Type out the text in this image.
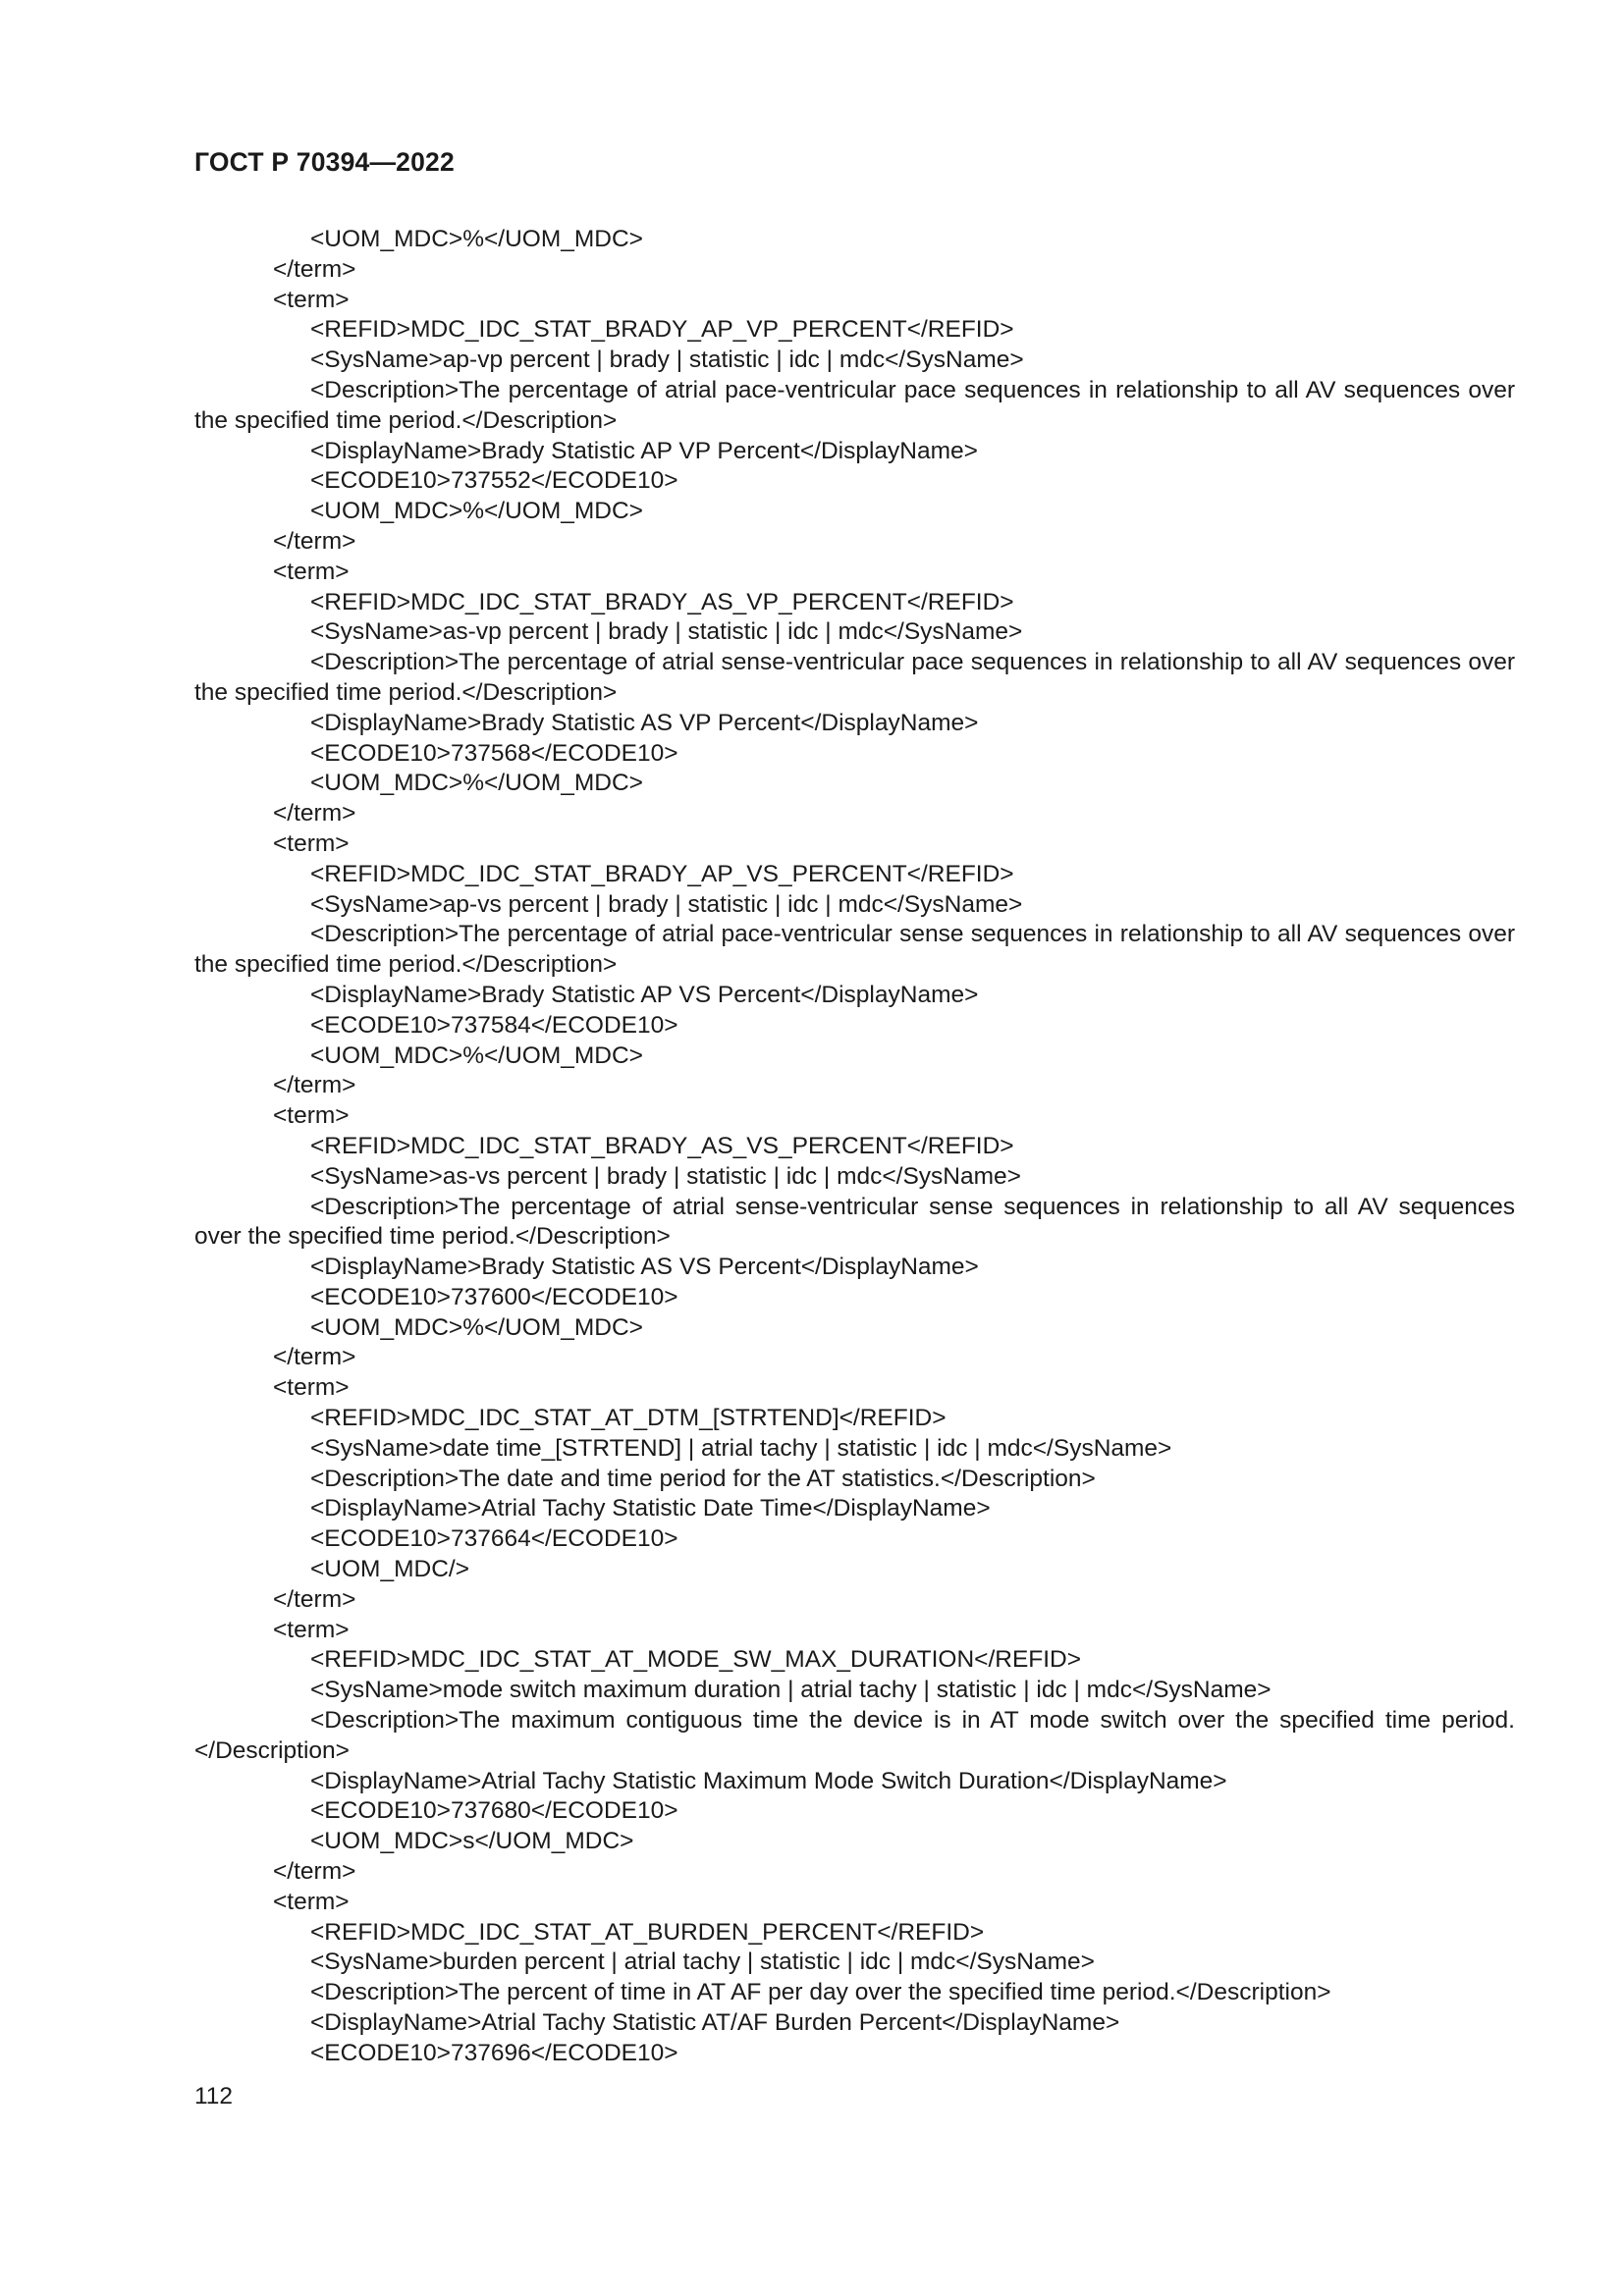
ГОСТ Р 70394—2022
<UOM_MDC>%</UOM_MDC>
</term>
<term>
<REFID>MDC_IDC_STAT_BRADY_AP_VP_PERCENT</REFID>
<SysName>ap-vp percent | brady | statistic | idc | mdc</SysName>
<Description>The percentage of atrial pace-ventricular pace sequences in relationship to all AV sequences over the specified time period.</Description>
<DisplayName>Brady Statistic AP VP Percent</DisplayName>
<ECODE10>737552</ECODE10>
<UOM_MDC>%</UOM_MDC>
</term>
<term>
<REFID>MDC_IDC_STAT_BRADY_AS_VP_PERCENT</REFID>
<SysName>as-vp percent | brady | statistic | idc | mdc</SysName>
<Description>The percentage of atrial sense-ventricular pace sequences in relationship to all AV sequences over the specified time period.</Description>
<DisplayName>Brady Statistic AS VP Percent</DisplayName>
<ECODE10>737568</ECODE10>
<UOM_MDC>%</UOM_MDC>
</term>
<term>
<REFID>MDC_IDC_STAT_BRADY_AP_VS_PERCENT</REFID>
<SysName>ap-vs percent | brady | statistic | idc | mdc</SysName>
<Description>The percentage of atrial pace-ventricular sense sequences in relationship to all AV sequences over the specified time period.</Description>
<DisplayName>Brady Statistic AP VS Percent</DisplayName>
<ECODE10>737584</ECODE10>
<UOM_MDC>%</UOM_MDC>
</term>
<term>
<REFID>MDC_IDC_STAT_BRADY_AS_VS_PERCENT</REFID>
<SysName>as-vs percent | brady | statistic | idc | mdc</SysName>
<Description>The percentage of atrial sense-ventricular sense sequences in relationship to all AV sequences over the specified time period.</Description>
<DisplayName>Brady Statistic AS VS Percent</DisplayName>
<ECODE10>737600</ECODE10>
<UOM_MDC>%</UOM_MDC>
</term>
<term>
<REFID>MDC_IDC_STAT_AT_DTM_[STRTEND]</REFID>
<SysName>date time_[STRTEND] | atrial tachy | statistic | idc | mdc</SysName>
<Description>The date and time period for the AT statistics.</Description>
<DisplayName>Atrial Tachy Statistic Date Time</DisplayName>
<ECODE10>737664</ECODE10>
<UOM_MDC/>
</term>
<term>
<REFID>MDC_IDC_STAT_AT_MODE_SW_MAX_DURATION</REFID>
<SysName>mode switch maximum duration | atrial tachy | statistic | idc | mdc</SysName>
<Description>The maximum contiguous time the device is in AT mode switch over the specified time period.</Description>
<DisplayName>Atrial Tachy Statistic Maximum Mode Switch Duration</DisplayName>
<ECODE10>737680</ECODE10>
<UOM_MDC>s</UOM_MDC>
</term>
<term>
<REFID>MDC_IDC_STAT_AT_BURDEN_PERCENT</REFID>
<SysName>burden percent | atrial tachy | statistic | idc | mdc</SysName>
<Description>The percent of time in AT AF per day over the specified time period.</Description>
<DisplayName>Atrial Tachy Statistic AT/AF Burden Percent</DisplayName>
<ECODE10>737696</ECODE10>
112
